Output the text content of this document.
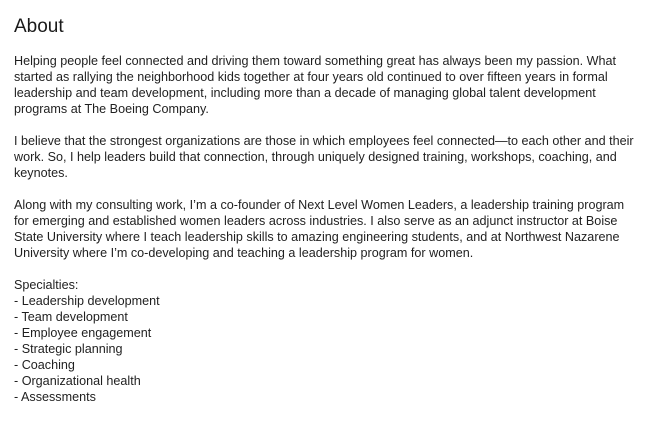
About

Helping people feel connected and driving them toward something great has always been my passion. What started as rallying the neighborhood kids together at four years old continued to over fifteen years in formal leadership and team development, including more than a decade of managing global talent development programs at The Boeing Company.

I believe that the strongest organizations are those in which employees feel connected—to each other and their work. So, I help leaders build that connection, through uniquely designed training, workshops, coaching, and keynotes.

Along with my consulting work, I’m a co-founder of Next Level Women Leaders, a leadership training program for emerging and established women leaders across industries. I also serve as an adjunct instructor at Boise State University where I teach leadership skills to amazing engineering students, and at Northwest Nazarene University where I’m co-developing and teaching a leadership program for women.

Specialties:

- Leadership development
- Team development
- Employee engagement
- Strategic planning
- Coaching
- Organizational health
- Assessments
